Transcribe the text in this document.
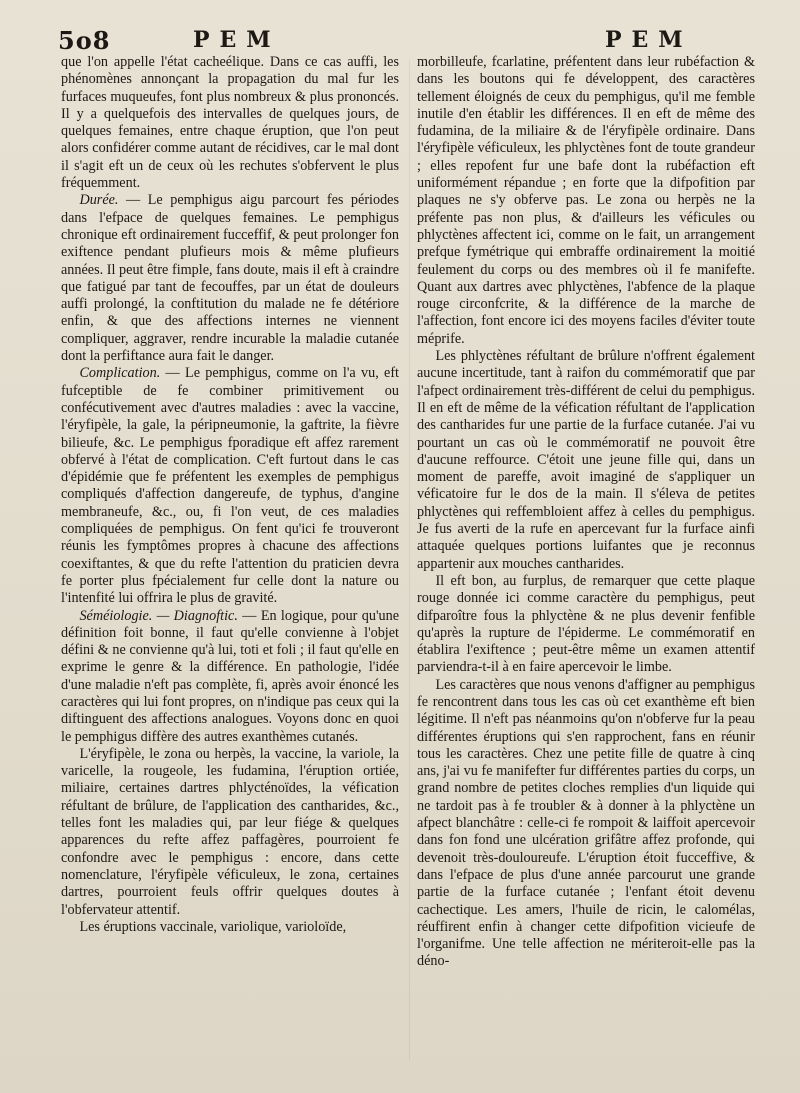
5o8	PEM	PEM

que l'on appelle l'état cacheélique. Dans ce cas auffi, les phénomènes annonçant la propagation du mal fur les furfaces muqueufes, font plus nombreux & plus prononcés. Il y a quelquefois des intervalles de quelques jours, de quelques femaines, entre chaque éruption, que l'on peut alors confidérer comme autant de récidives, car le mal dont il s'agit eft un de ceux où les rechutes s'obfervent le plus fréquemment.

Durée. — Le pemphigus aigu parcourt fes périodes dans l'efpace de quelques femaines. Le pemphigus chronique eft ordinairement fucceffif, & peut prolonger fon exiftence pendant plufieurs mois & même plufieurs années. Il peut être fimple, fans doute, mais il eft à craindre que fatigué par tant de fecouffes, par un état de douleurs auffi prolongé, la conftitution du malade ne fe détériore enfin, & que des affections internes ne viennent compliquer, aggraver, rendre incurable la maladie cutanée dont la perfiftance aura fait le danger.

Complication. — Le pemphigus, comme on l'a vu, eft fufceptible de fe combiner primitivement ou confécutivement avec d'autres maladies : avec la vaccine, l'éryfipèle, la gale, la péripneumonie, la gaftrite, la fièvre bilieufe, &c. Le pemphigus fporadique eft affez rarement obfervé à l'état de complication. C'eft furtout dans le cas d'épidémie que fe préfentent les exemples de pemphigus compliqués d'affection dangereufe, de typhus, d'angine membraneufe, &c., ou, fi l'on veut, de ces maladies compliquées de pemphigus. On fent qu'ici fe trouveront réunis les fymptômes propres à chacune des affections coexiftantes, & que du refte l'attention du praticien devra fe porter plus fpécialement fur celle dont la nature ou l'intenfité lui offrira le plus de gravité.

Séméiologie. — Diagnoftic. — En logique, pour qu'une définition foit bonne, il faut qu'elle convienne à l'objet défini & ne convienne qu'à lui, toti et foli ; il faut qu'elle en exprime le genre & la différence. En pathologie, l'idée d'une maladie n'eft pas complète, fi, après avoir énoncé les caractères qui lui font propres, on n'indique pas ceux qui la diftinguent des affections analogues. Voyons donc en quoi le pemphigus diffère des autres exanthèmes cutanés.

L'éryfipèle, le zona ou herpès, la vaccine, la variole, la varicelle, la rougeole, les fudamina, l'éruption ortiée, miliaire, certaines dartres phlycténoïdes, la véfication réfultant de brûlure, de l'application des cantharides, &c., telles font les maladies qui, par leur fiége & quelques apparences du refte affez paffagères, pourroient fe confondre avec le pemphigus : encore, dans cette nomenclature, l'éryfipèle véficuleux, le zona, certaines dartres, pourroient feuls offrir quelques doutes à l'obfervateur attentif.

Les éruptions vaccinale, variolique, varioloïde,

morbilleufe, fcarlatine, préfentent dans leur rubéfaction & dans les boutons qui fe développent, des caractères tellement éloignés de ceux du pemphigus, qu'il me femble inutile d'en établir les différences. Il en eft de même des fudamina, de la miliaire & de l'éryfipèle ordinaire. Dans l'éryfipèle véficuleux, les phlyctènes font de toute grandeur ; elles repofent fur une bafe dont la rubéfaction eft uniformément répandue ; en forte que la difpofition par plaques ne s'y obferve pas. Le zona ou herpès ne la préfente pas non plus, & d'ailleurs les véficules ou phlyctènes affectent ici, comme on le fait, un arrangement prefque fymétrique qui embraffe ordinairement la moitié feulement du corps ou des membres où il fe manifefte. Quant aux dartres avec phlyctènes, l'abfence de la plaque rouge circonfcrite, & la différence de la marche de l'affection, font encore ici des moyens faciles d'éviter toute méprife.

Les phlyctènes réfultant de brûlure n'offrent également aucune incertitude, tant à raifon du commémoratif que par l'afpect ordinairement très-différent de celui du pemphigus. Il en eft de même de la véfication réfultant de l'application des cantharides fur une partie de la furface cutanée. J'ai vu pourtant un cas où le commémoratif ne pouvoit être d'aucune reffource. C'étoit une jeune fille qui, dans un moment de pareffe, avoit imaginé de s'appliquer un véficatoire fur le dos de la main. Il s'éleva de petites phlyctènes qui reffembloient affez à celles du pemphigus. Je fus averti de la rufe en apercevant fur la furface ainfi attaquée quelques portions luifantes que je reconnus appartenir aux mouches cantharides.

Il eft bon, au furplus, de remarquer que cette plaque rouge donnée ici comme caractère du pemphigus, peut difparoître fous la phlyctène & ne plus devenir fenfible qu'après la rupture de l'épiderme. Le commémoratif en établira l'exiftence ; peut-être même un examen attentif parviendra-t-il à en faire apercevoir le limbe.

Les caractères que nous venons d'affigner au pemphigus fe rencontrent dans tous les cas où cet exanthème eft bien légitime. Il n'eft pas néanmoins qu'on n'obferve fur la peau différentes éruptions qui s'en rapprochent, fans en réunir tous les caractères. Chez une petite fille de quatre à cinq ans, j'ai vu fe manifefter fur différentes parties du corps, un grand nombre de petites cloches remplies d'un liquide qui ne tardoit pas à fe troubler & à donner à la phlyctène un afpect blanchâtre : celle-ci fe rompoit & laiffoit apercevoir dans fon fond une ulcération grifâtre affez profonde, qui devenoit très-douloureufe. L'éruption étoit fucceffive, & dans l'efpace de plus d'une année parcourut une grande partie de la furface cutanée ; l'enfant étoit devenu cachectique. Les amers, l'huile de ricin, le calomélas, réuffirent enfin à changer cette difpofition vicieufe de l'organifme. Une telle affection ne mériteroit-elle pas la déno-
